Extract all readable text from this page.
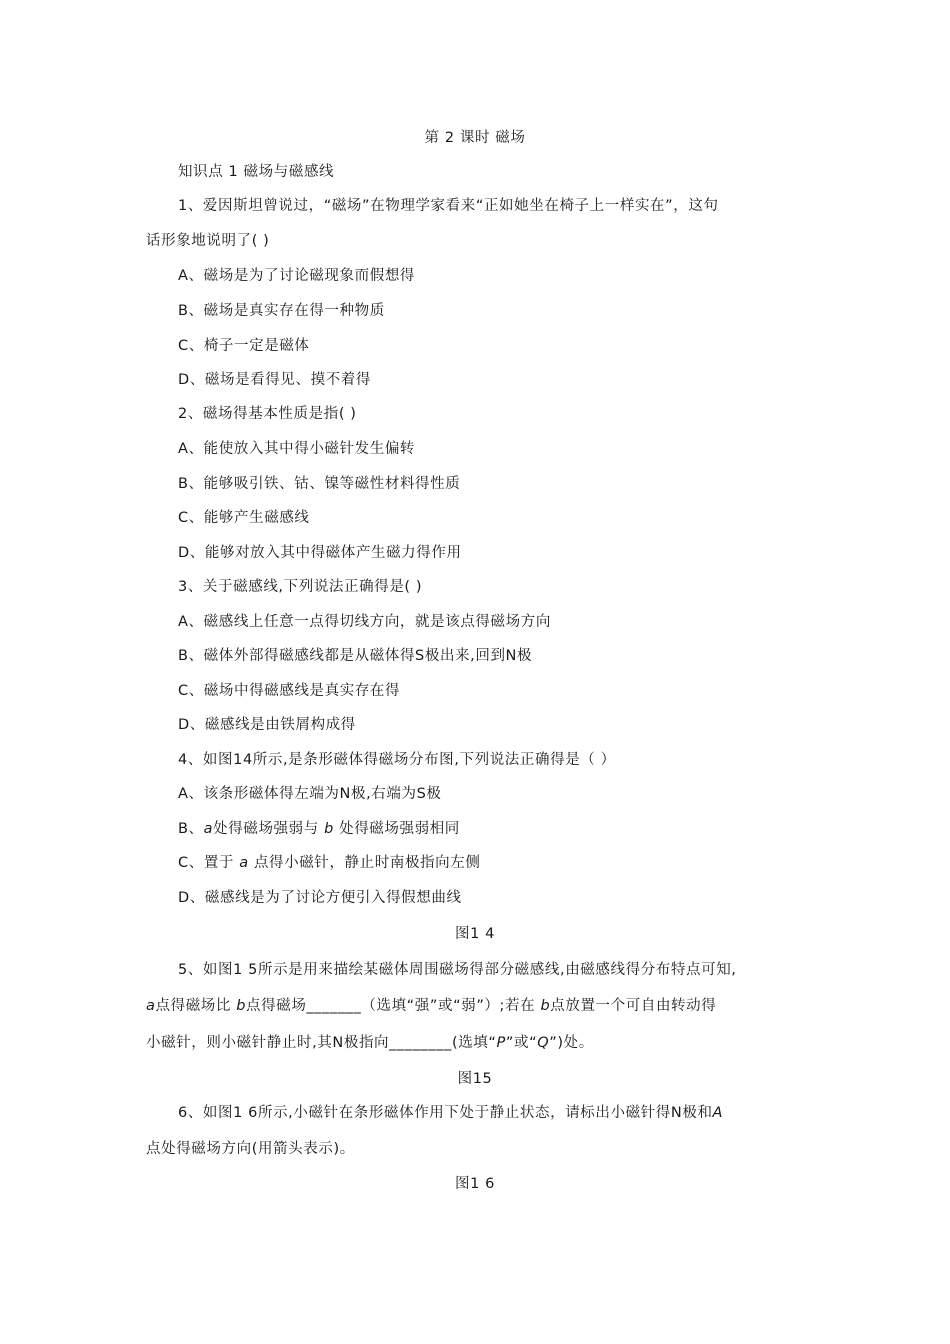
第 2 课时 磁场
知识点 1 磁场与磁感线
1、爱因斯坦曾说过，“磁场”在物理学家看来“正如她坐在椅子上一样实在”，这句
话形象地说明了( )
A、磁场是为了讨论磁现象而假想得
B、磁场是真实存在得一种物质
C、椅子一定是磁体
D、磁场是看得见、摸不着得
2、磁场得基本性质是指( )
A、能使放入其中得小磁针发生偏转
B、能够吸引铁、钴、镍等磁性材料得性质
C、能够产生磁感线
D、能够对放入其中得磁体产生磁力得作用
3、关于磁感线,下列说法正确得是( )
A、磁感线上任意一点得切线方向，就是该点得磁场方向
B、磁体外部得磁感线都是从磁体得S极出来,回到N极
C、磁场中得磁感线是真实存在得
D、磁感线是由铁屑构成得
4、如图14所示,是条形磁体得磁场分布图,下列说法正确得是（ ）
A、该条形磁体得左端为N极,右端为S极
B、a处得磁场强弱与 b 处得磁场强弱相同
C、置于 a 点得小磁针，静止时南极指向左侧
D、磁感线是为了讨论方便引入得假想曲线
图1 4
5、如图1 5所示是用来描绘某磁体周围磁场得部分磁感线,由磁感线得分布特点可知,
a点得磁场比 b点得磁场_______（选填“强”或“弱”）;若在 b点放置一个可自由转动得
小磁针，则小磁针静止时,其N极指向________(选填“P”或“Q”)处。
图15
6、如图1 6所示,小磁针在条形磁体作用下处于静止状态，请标出小磁针得N极和A
点处得磁场方向(用箭头表示)。
图1 6
